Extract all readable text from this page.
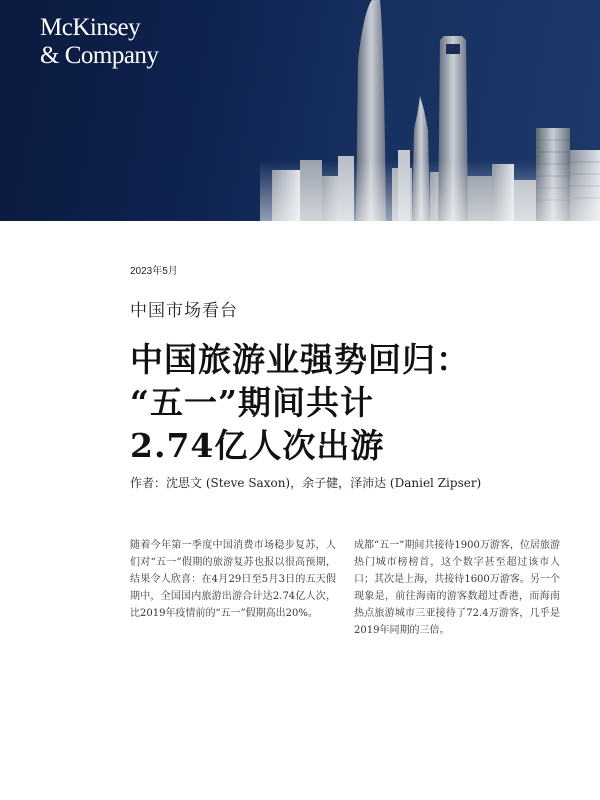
McKinsey
& Company
2023年5月
中国市场看台
中国旅游业强势回归：
“五一”期间共计
2.74亿人次出游
作者：沈思文 (Steve Saxon)，余子健，泽沛达 (Daniel Zipser)

随着今年第一季度中国消费市场稳步复苏，人们对“五一”假期的旅游复苏也报以很高预期，结果令人欣喜：在4月29日至5月3日的五天假期中，全国国内旅游出游合计达2.74亿人次，比2019年疫情前的“五一”假期高出20%。

成都“五一”期间共接待1900万游客，位居旅游热门城市榜榜首，这个数字甚至超过该市人口；其次是上海，共接待1600万游客。另一个现象是，前往海南的游客数超过香港，而海南热点旅游城市三亚接待了72.4万游客，几乎是2019年同期的三倍。
